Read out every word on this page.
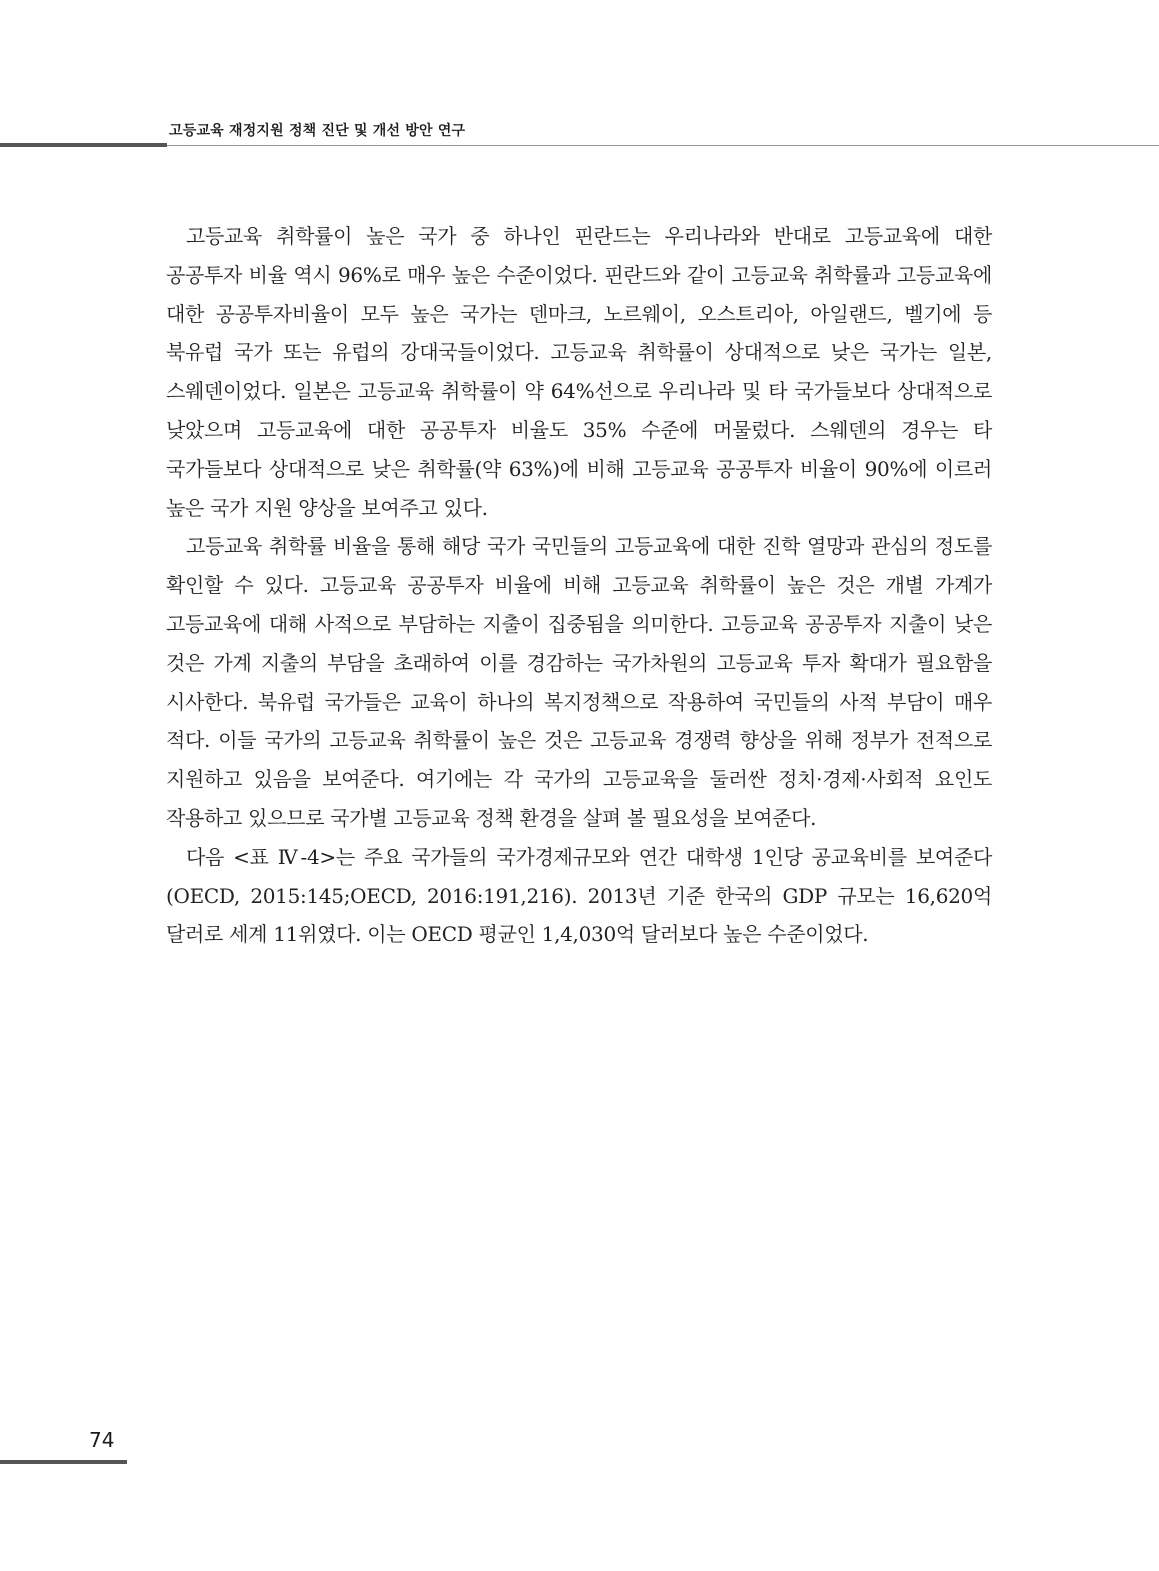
고등교육 재정지원 정책 진단 및 개선 방안 연구

고등교육 취학률이 높은 국가 중 하나인 핀란드는 우리나라와 반대로 고등교육에 대한 공공투자 비율 역시 96%로 매우 높은 수준이었다. 핀란드와 같이 고등교육 취학률과 고등교육에 대한 공공투자비율이 모두 높은 국가는 덴마크, 노르웨이, 오스트리아, 아일랜드, 벨기에 등 북유럽 국가 또는 유럽의 강대국들이었다. 고등교육 취학률이 상대적으로 낮은 국가는 일본, 스웨덴이었다. 일본은 고등교육 취학률이 약 64%선으로 우리나라 및 타 국가들보다 상대적으로 낮았으며 고등교육에 대한 공공투자 비율도 35% 수준에 머물렀다. 스웨덴의 경우는 타 국가들보다 상대적으로 낮은 취학률(약 63%)에 비해 고등교육 공공투자 비율이 90%에 이르러 높은 국가 지원 양상을 보여주고 있다.

고등교육 취학률 비율을 통해 해당 국가 국민들의 고등교육에 대한 진학 열망과 관심의 정도를 확인할 수 있다. 고등교육 공공투자 비율에 비해 고등교육 취학률이 높은 것은 개별 가계가 고등교육에 대해 사적으로 부담하는 지출이 집중됨을 의미한다. 고등교육 공공투자 지출이 낮은 것은 가계 지출의 부담을 초래하여 이를 경감하는 국가차원의 고등교육 투자 확대가 필요함을 시사한다. 북유럽 국가들은 교육이 하나의 복지정책으로 작용하여 국민들의 사적 부담이 매우 적다. 이들 국가의 고등교육 취학률이 높은 것은 고등교육 경쟁력 향상을 위해 정부가 전적으로 지원하고 있음을 보여준다. 여기에는 각 국가의 고등교육을 둘러싼 정치·경제·사회적 요인도 작용하고 있으므로 국가별 고등교육 정책 환경을 살펴 볼 필요성을 보여준다.

다음 <표 Ⅳ-4>는 주요 국가들의 국가경제규모와 연간 대학생 1인당 공교육비를 보여준다 (OECD, 2015:145;OECD, 2016:191,216). 2013년 기준 한국의 GDP 규모는 16,620억 달러로 세계 11위였다. 이는 OECD 평균인 1,4,030억 달러보다 높은 수준이었다.

74
